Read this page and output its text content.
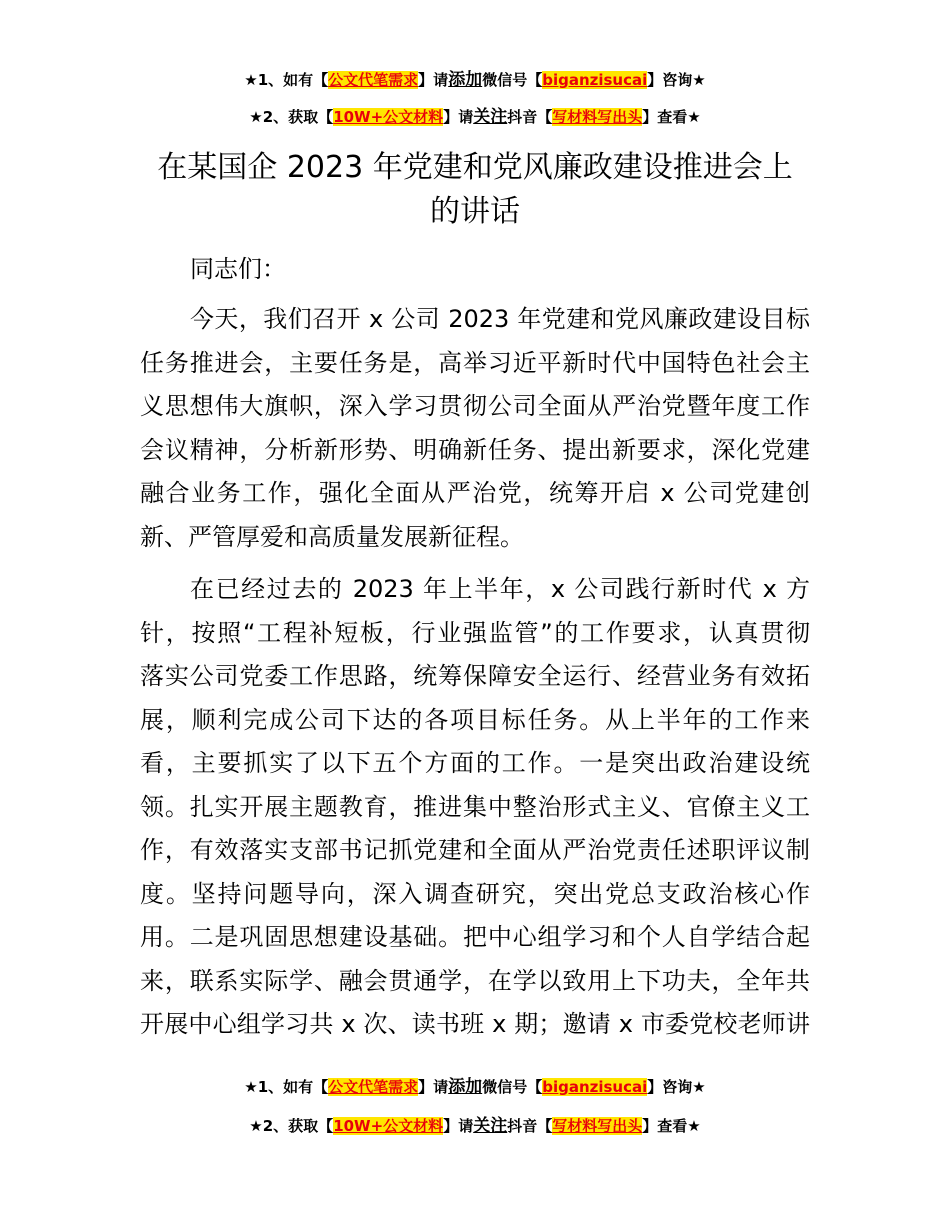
★1、如有【公文代笔需求】请添加微信号【biganzisucai】咨询★
★2、获取【10W+公文材料】请关注抖音【写材料写出头】查看★
在某国企 2023 年党建和党风廉政建设推进会上
的讲话

同志们：

今天，我们召开 x 公司 2023 年党建和党风廉政建设目标
任务推进会，主要任务是，高举习近平新时代中国特色社会主
义思想伟大旗帜，深入学习贯彻公司全面从严治党暨年度工作
会议精神，分析新形势、明确新任务、提出新要求，深化党建
融合业务工作，强化全面从严治党，统筹开启 x 公司党建创
新、严管厚爱和高质量发展新征程。
在已经过去的 2023 年上半年，x 公司践行新时代 x 方
针，按照“工程补短板，行业强监管”的工作要求，认真贯彻
落实公司党委工作思路，统筹保障安全运行、经营业务有效拓
展，顺利完成公司下达的各项目标任务。从上半年的工作来
看，主要抓实了以下五个方面的工作。一是突出政治建设统
领。扎实开展主题教育，推进集中整治形式主义、官僚主义工
作，有效落实支部书记抓党建和全面从严治党责任述职评议制
度。坚持问题导向，深入调查研究，突出党总支政治核心作
用。二是巩固思想建设基础。把中心组学习和个人自学结合起
来，联系实际学、融会贯通学，在学以致用上下功夫，全年共
开展中心组学习共 x 次、读书班 x 期；邀请 x 市委党校老师讲
★1、如有【公文代笔需求】请添加微信号【biganzisucai】咨询★
★2、获取【10W+公文材料】请关注抖音【写材料写出头】查看★
